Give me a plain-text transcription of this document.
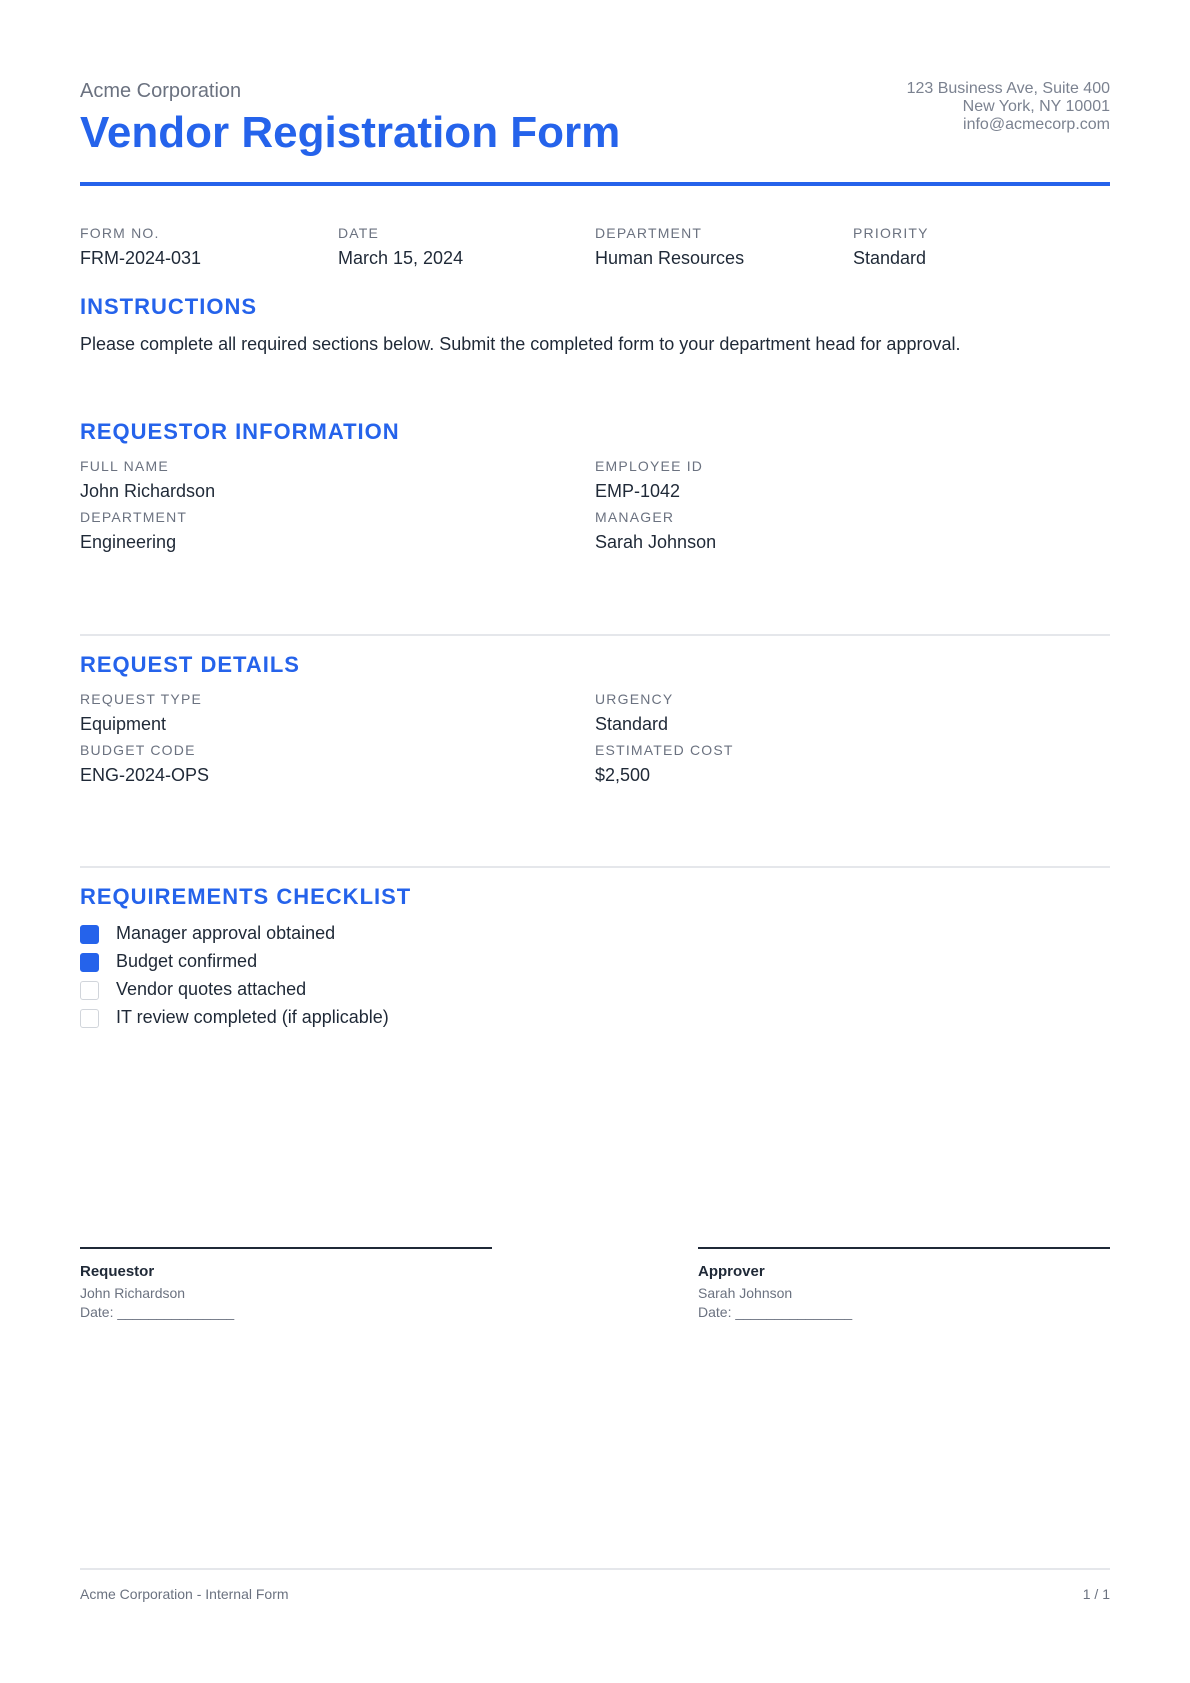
Acme Corporation
Vendor Registration Form
123 Business Ave, Suite 400
New York, NY 10001
info@acmecorp.com
FORM NO.
FRM-2024-031
DATE
March 15, 2024
DEPARTMENT
Human Resources
PRIORITY
Standard
INSTRUCTIONS
Please complete all required sections below. Submit the completed form to your department head for approval.
REQUESTOR INFORMATION
FULL NAME
John Richardson
EMPLOYEE ID
EMP-1042
DEPARTMENT
Engineering
MANAGER
Sarah Johnson
REQUEST DETAILS
REQUEST TYPE
Equipment
URGENCY
Standard
BUDGET CODE
ENG-2024-OPS
ESTIMATED COST
$2,500
REQUIREMENTS CHECKLIST
Manager approval obtained
Budget confirmed
Vendor quotes attached
IT review completed (if applicable)
Requestor
John Richardson
Date: _______________
Approver
Sarah Johnson
Date: _______________
Acme Corporation - Internal Form	1 / 1
